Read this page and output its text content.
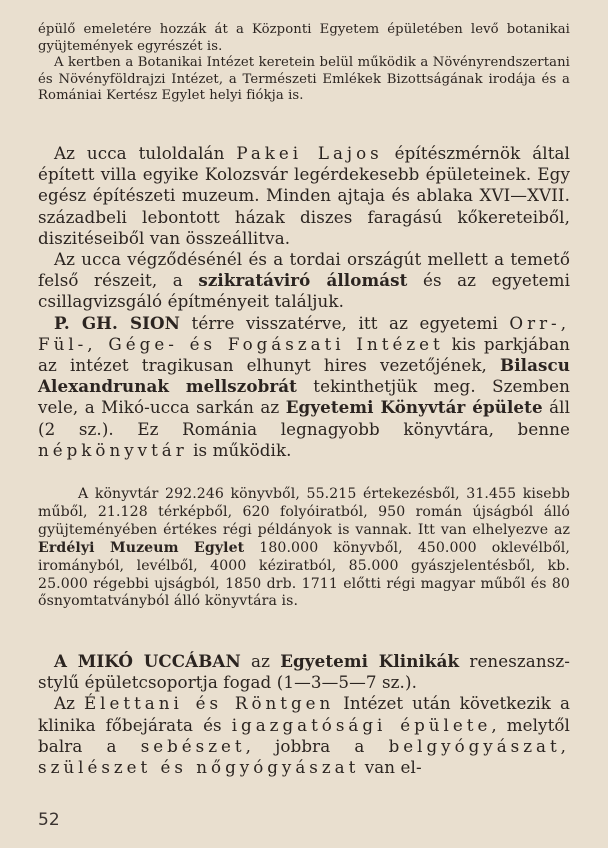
épülő emeletére hozzák át a Központi Egyetem épületében levő botanikai gyüjtemények egyrészét is.

A kertben a Botanikai Intézet keretein belül működik a Növényrendszertani és Növényföldrajzi Intézet, a Természeti Emlékek Bizottságának irodája és a Romániai Kertész Egylet helyi fiókja is.

Az ucca tuloldalán Pakei Lajos építészmérnök által épített villa egyike Kolozsvár legérdekesebb épületeinek. Egy egész építészeti muzeum. Minden ajtaja és ablaka XVI—XVII. századbeli lebontott házak diszes faragású kőkereteiből, diszitéseiből van összeállitva.

Az ucca végződésénél és a tordai országút mellett a temető felső részeit, a szikratáviró állomást és az egyetemi csillagvizsgáló építményeit találjuk.

P. GH. SION térre visszatérve, itt az egyetemi Orr-, Fül-, Gége- és Fogászati Intézet kis parkjában az intézet tragikusan elhunyt hires vezetőjének, Bilascu Alexandrunak mellszobrát tekinthetjük meg. Szemben vele, a Mikó-ucca sarkán az Egyetemi Könyvtár épülete áll (2 sz.). Ez Románia legnagyobb könyvtára, benne népkönyvtár is működik.

A könyvtár 292.246 könyvből, 55.215 értekezésből, 31.455 kisebb műből, 21.128 térképből, 620 folyóiratból, 950 román újságból álló gyüjteményében értékes régi példányok is vannak. Itt van elhelyezve az Erdélyi Muzeum Egylet 180.000 könyvből, 450.000 oklevélből, irományból, levélből, 4000 kéziratból, 85.000 gyászjelentésből, kb. 25.000 régebbi ujságból, 1850 drb. 1711 előtti régi magyar műből és 80 ősnyomtatványból álló könyvtára is.

A MIKÓ UCCÁBAN az Egyetemi Klinikák reneszansz-stylű épületcsoportja fogad (1—3—5—7 sz.).

Az Élettani és Röntgen Intézet után következik a klinika főbejárata és igazgatósági épülete, melytől balra a sebészet, jobbra a belgyógyászat, szülészet és nőgyógyászat van el-

52
